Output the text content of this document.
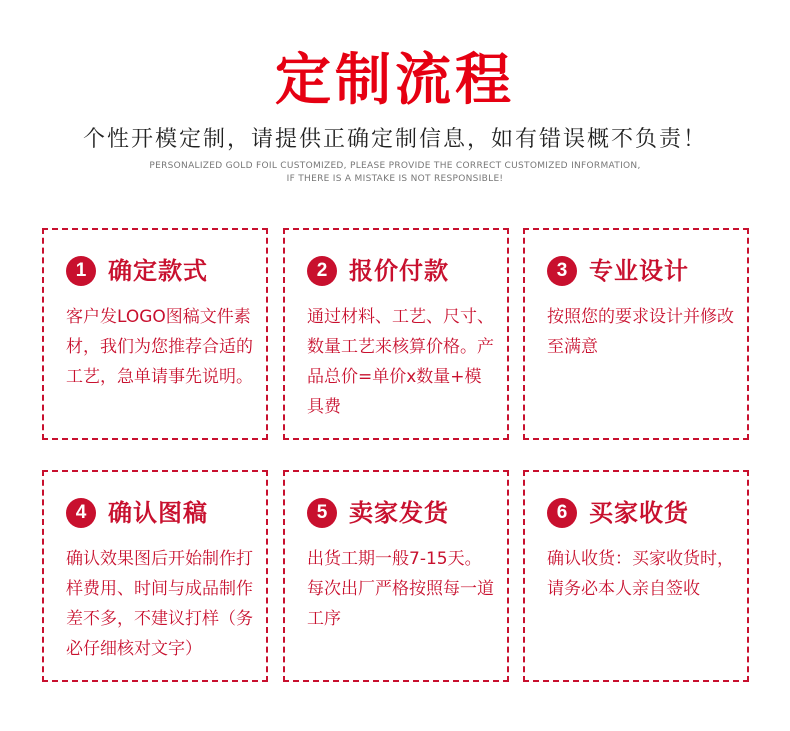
定制流程
个性开模定制，请提供正确定制信息，如有错误概不负责！
PERSONALIZED GOLD FOIL CUSTOMIZED, PLEASE PROVIDE THE CORRECT CUSTOMIZED INFORMATION,
IF THERE IS A MISTAKE IS NOT RESPONSIBLE!
1 确定款式
客户发LOGO图稿文件素材，我们为您推荐合适的工艺，急单请事先说明。
2 报价付款
通过材料、工艺、尺寸、数量工艺来核算价格。产品总价=单价x数量+模具费
3 专业设计
按照您的要求设计并修改至满意
4 确认图稿
确认效果图后开始制作打样费用、时间与成品制作差不多，不建议打样（务必仔细核对文字）
5 卖家发货
出货工期一般7-15天。每次出厂严格按照每一道工序
6 买家收货
确认收货：买家收货时，请务必本人亲自签收
